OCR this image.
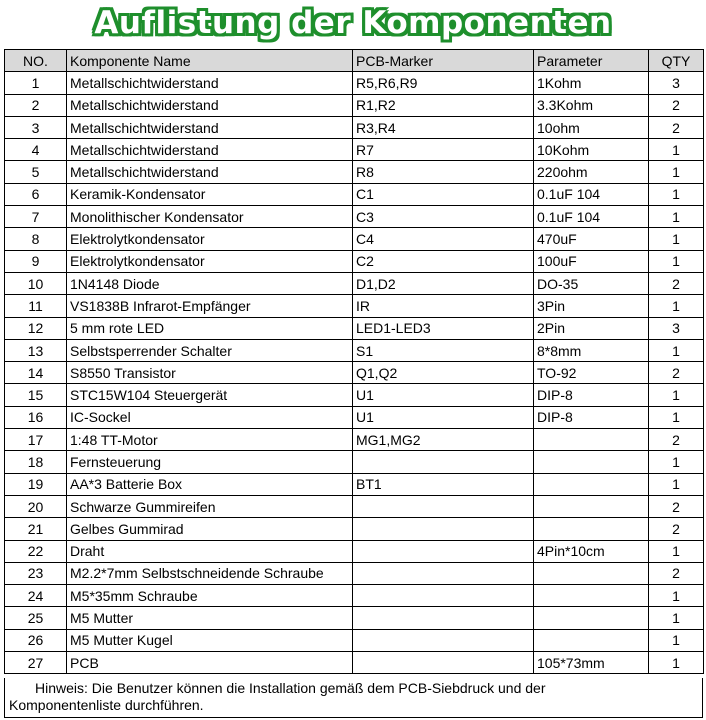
Auflistung der Komponenten
NO.	Komponente Name	PCB-Marker	Parameter	QTY
1	Metallschichtwiderstand	R5,R6,R9	1Kohm	3
2	Metallschichtwiderstand	R1,R2	3.3Kohm	2
3	Metallschichtwiderstand	R3,R4	10ohm	2
4	Metallschichtwiderstand	R7	10Kohm	1
5	Metallschichtwiderstand	R8	220ohm	1
6	Keramik-Kondensator	C1	0.1uF 104	1
7	Monolithischer Kondensator	C3	0.1uF 104	1
8	Elektrolytkondensator	C4	470uF	1
9	Elektrolytkondensator	C2	100uF	1
10	1N4148 Diode	D1,D2	DO-35	2
11	VS1838B Infrarot-Empfänger	IR	3Pin	1
12	5 mm rote LED	LED1-LED3	2Pin	3
13	Selbstsperrender Schalter	S1	8*8mm	1
14	S8550 Transistor	Q1,Q2	TO-92	2
15	STC15W104 Steuergerät	U1	DIP-8	1
16	IC-Sockel	U1	DIP-8	1
17	1:48 TT-Motor	MG1,MG2		2
18	Fernsteuerung			1
19	AA*3 Batterie Box	BT1		1
20	Schwarze Gummireifen			2
21	Gelbes Gummirad			2
22	Draht		4Pin*10cm	1
23	M2.2*7mm Selbstschneidende Schraube			2
24	M5*35mm Schraube			1
25	M5 Mutter			1
26	M5 Mutter Kugel			1
27	PCB		105*73mm	1
Hinweis: Die Benutzer können die Installation gemäß dem PCB-Siebdruck und der
Komponentenliste durchführen.
